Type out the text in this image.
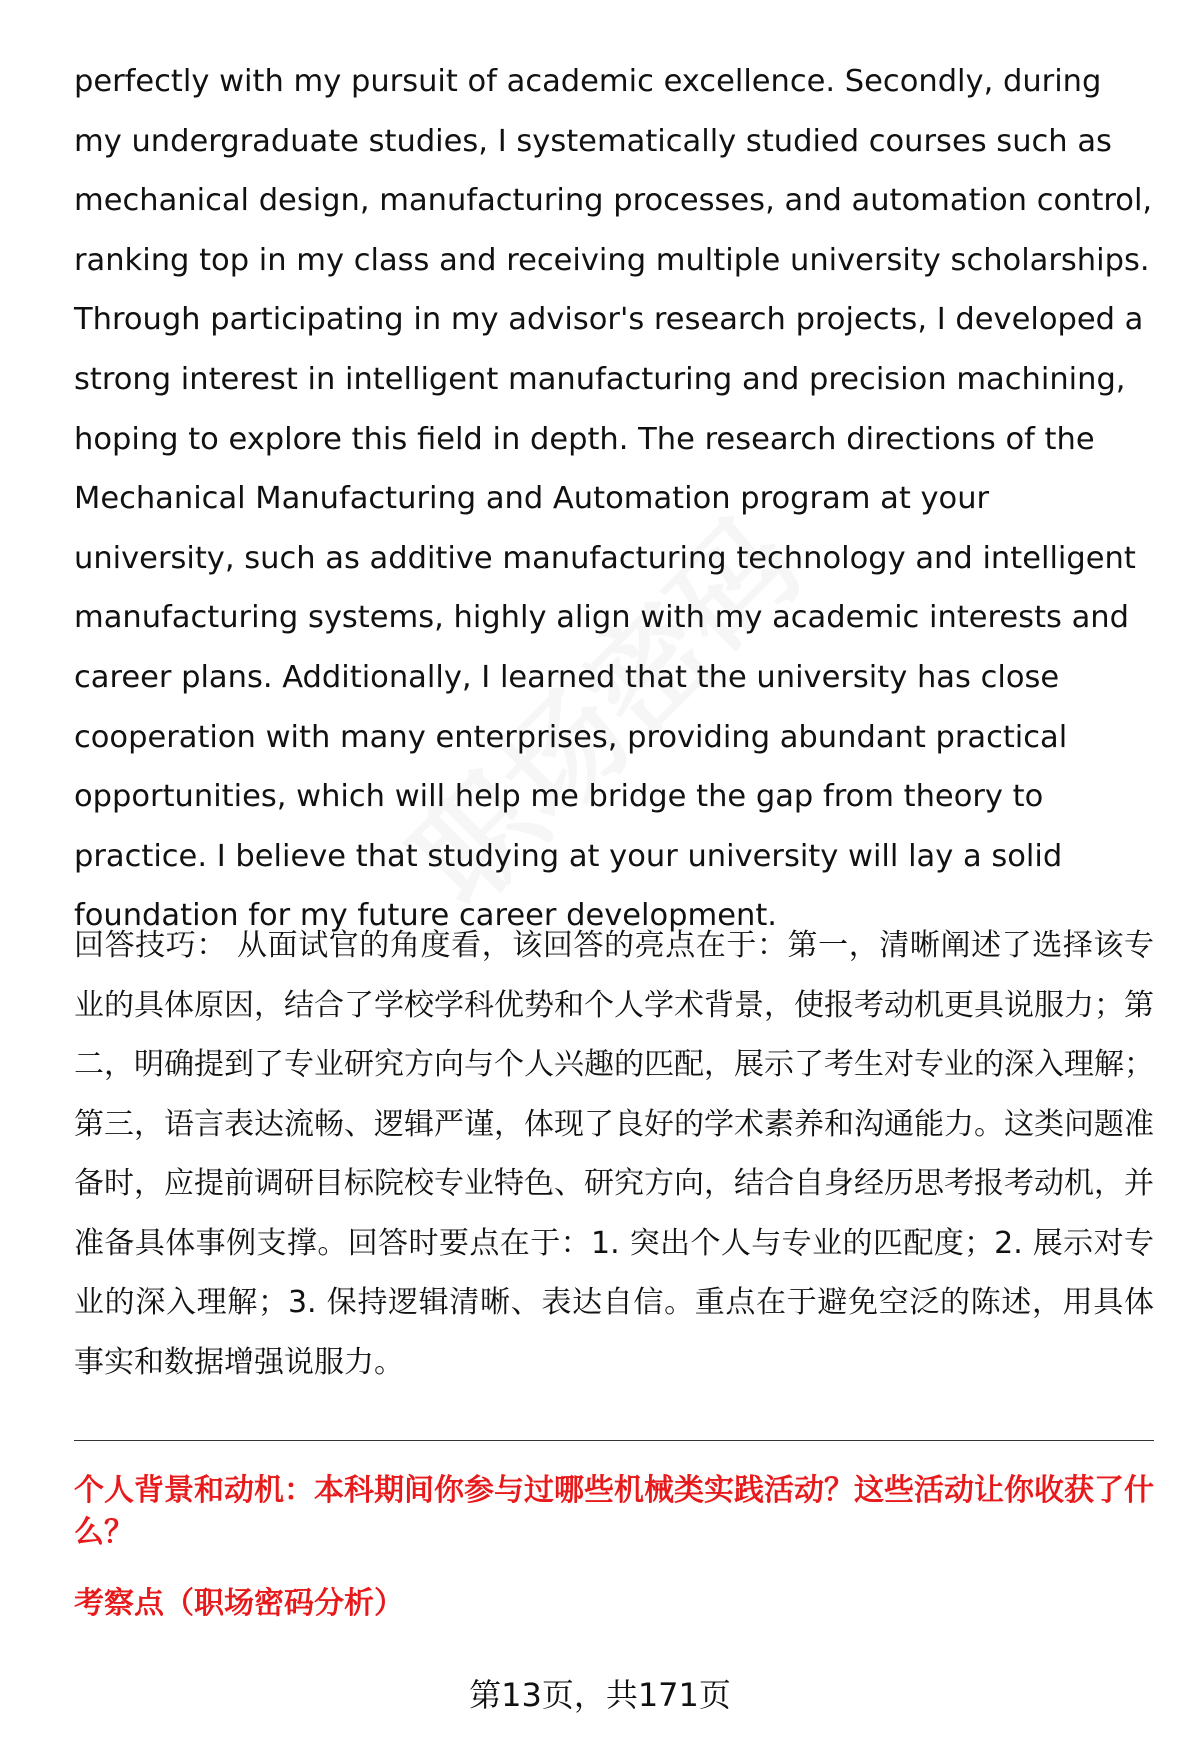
perfectly with my pursuit of academic excellence. Secondly, during my undergraduate studies, I systematically studied courses such as mechanical design, manufacturing processes, and automation control, ranking top in my class and receiving multiple university scholarships. Through participating in my advisor's research projects, I developed a strong interest in intelligent manufacturing and precision machining, hoping to explore this field in depth. The research directions of the Mechanical Manufacturing and Automation program at your university, such as additive manufacturing technology and intelligent manufacturing systems, highly align with my academic interests and career plans. Additionally, I learned that the university has close cooperation with many enterprises, providing abundant practical opportunities, which will help me bridge the gap from theory to practice. I believe that studying at your university will lay a solid foundation for my future career development.

回答技巧： 从面试官的角度看，该回答的亮点在于：第一，清晰阐述了选择该专业的具体原因，结合了学校学科优势和个人学术背景，使报考动机更具说服力；第二，明确提到了专业研究方向与个人兴趣的匹配，展示了考生对专业的深入理解；第三，语言表达流畅、逻辑严谨，体现了良好的学术素养和沟通能力。这类问题准备时，应提前调研目标院校专业特色、研究方向，结合自身经历思考报考动机，并准备具体事例支撑。回答时要点在于：1. 突出个人与专业的匹配度；2. 展示对专业的深入理解；3. 保持逻辑清晰、表达自信。重点在于避免空泛的陈述，用具体事实和数据增强说服力。

个人背景和动机：本科期间你参与过哪些机械类实践活动？这些活动让你收获了什么？

考察点（职场密码分析）

第13页，共171页
